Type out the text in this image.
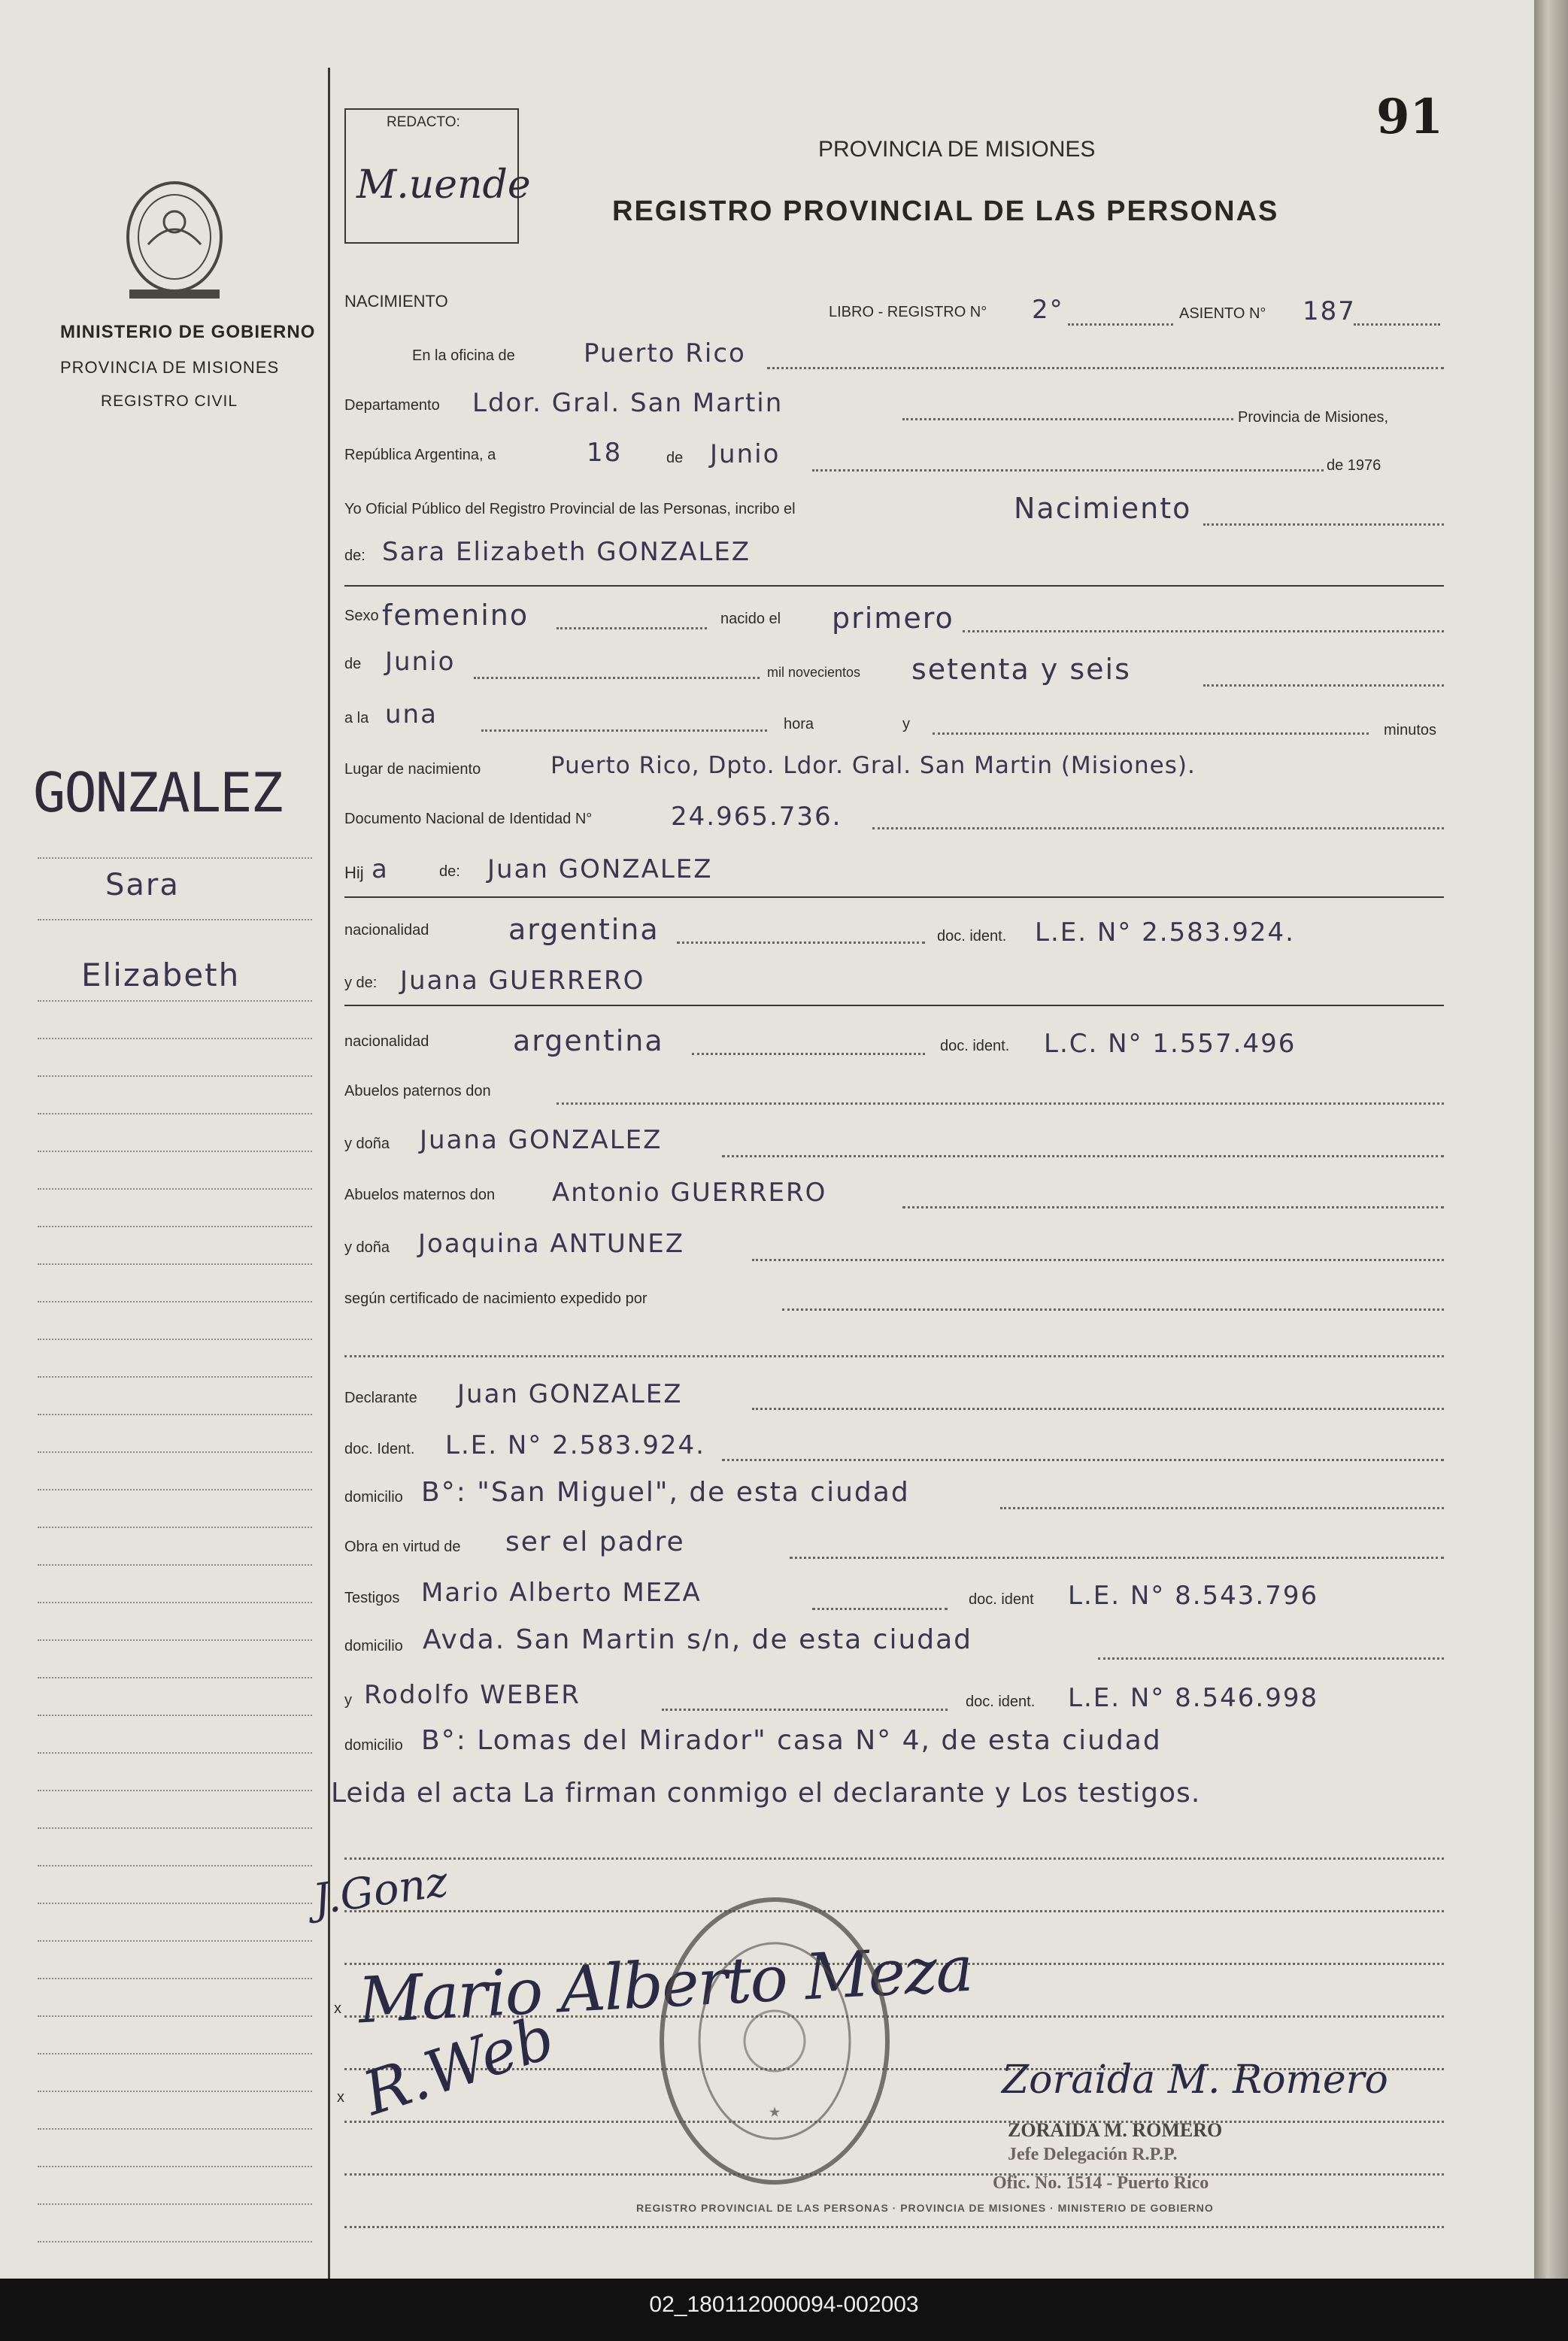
91
REDACTO:
M.uende
PROVINCIA DE MISIONES
REGISTRO PROVINCIAL DE LAS PERSONAS
MINISTERIO DE GOBIERNO
PROVINCIA DE MISIONES
REGISTRO CIVIL
GONZALEZ
Sara
Elizabeth
NACIMIENTO
LIBRO - REGISTRO N° 2°	ASIENTO N° 187
En la oficina de	Puerto Rico
Departamento Ldor. Gral. San Martin	Provincia de Misiones,
República Argentina, a	18	de Junio	de 1976
Yo Oficial Público del Registro Provincial de las Personas, incribo el	Nacimiento
de: Sara Elizabeth GONZALEZ
Sexo femenino	nacido el primero
de Junio	mil novecientos setenta y seis
a la una	hora	y	minutos
Lugar de nacimiento	Puerto Rico, Dpto. Ldor. Gral. San Martin (Misiones).
Documento Nacional de Identidad N°	24.965.736.
Hij a	de: Juan GONZALEZ
nacionalidad	argentina	doc. ident. L.E. N° 2.583.924.
y de: Juana GUERRERO
nacionalidad	argentina	doc. ident. L.C. N° 1.557.496
Abuelos paternos don
y doña Juana GONZALEZ
Abuelos maternos don Antonio GUERRERO
y doña Joaquina ANTUNEZ
según certificado de nacimiento expedido por
Declarante Juan GONZALEZ
doc. Ident. L.E. N° 2.583.924.
domicilio B°: "San Miguel", de esta ciudad
Obra en virtud de ser el padre
Testigos Mario Alberto MEZA	doc. ident L.E. N° 8.543.796
domicilio Avda. San Martin s/n, de esta ciudad
y Rodolfo WEBER	doc. ident. L.E. N° 8.546.998
domicilio B°: Lomas del Mirador" casa N° 4, de esta ciudad
Leida el acta La firman conmigo el declarante y Los testigos.
J.Gonz
x Mario Alberto Meza
x R.Web	★
REGISTRO PROVINCIAL DE LAS PERSONAS · PROVINCIA DE MISIONES · MINISTERIO DE GOBIERNO
Zoraida M. Romero
ZORAIDA M. ROMERO
Jefe Delegación R.P.P.
Ofic. No. 1514 - Puerto Rico
02_180112000094-002003
